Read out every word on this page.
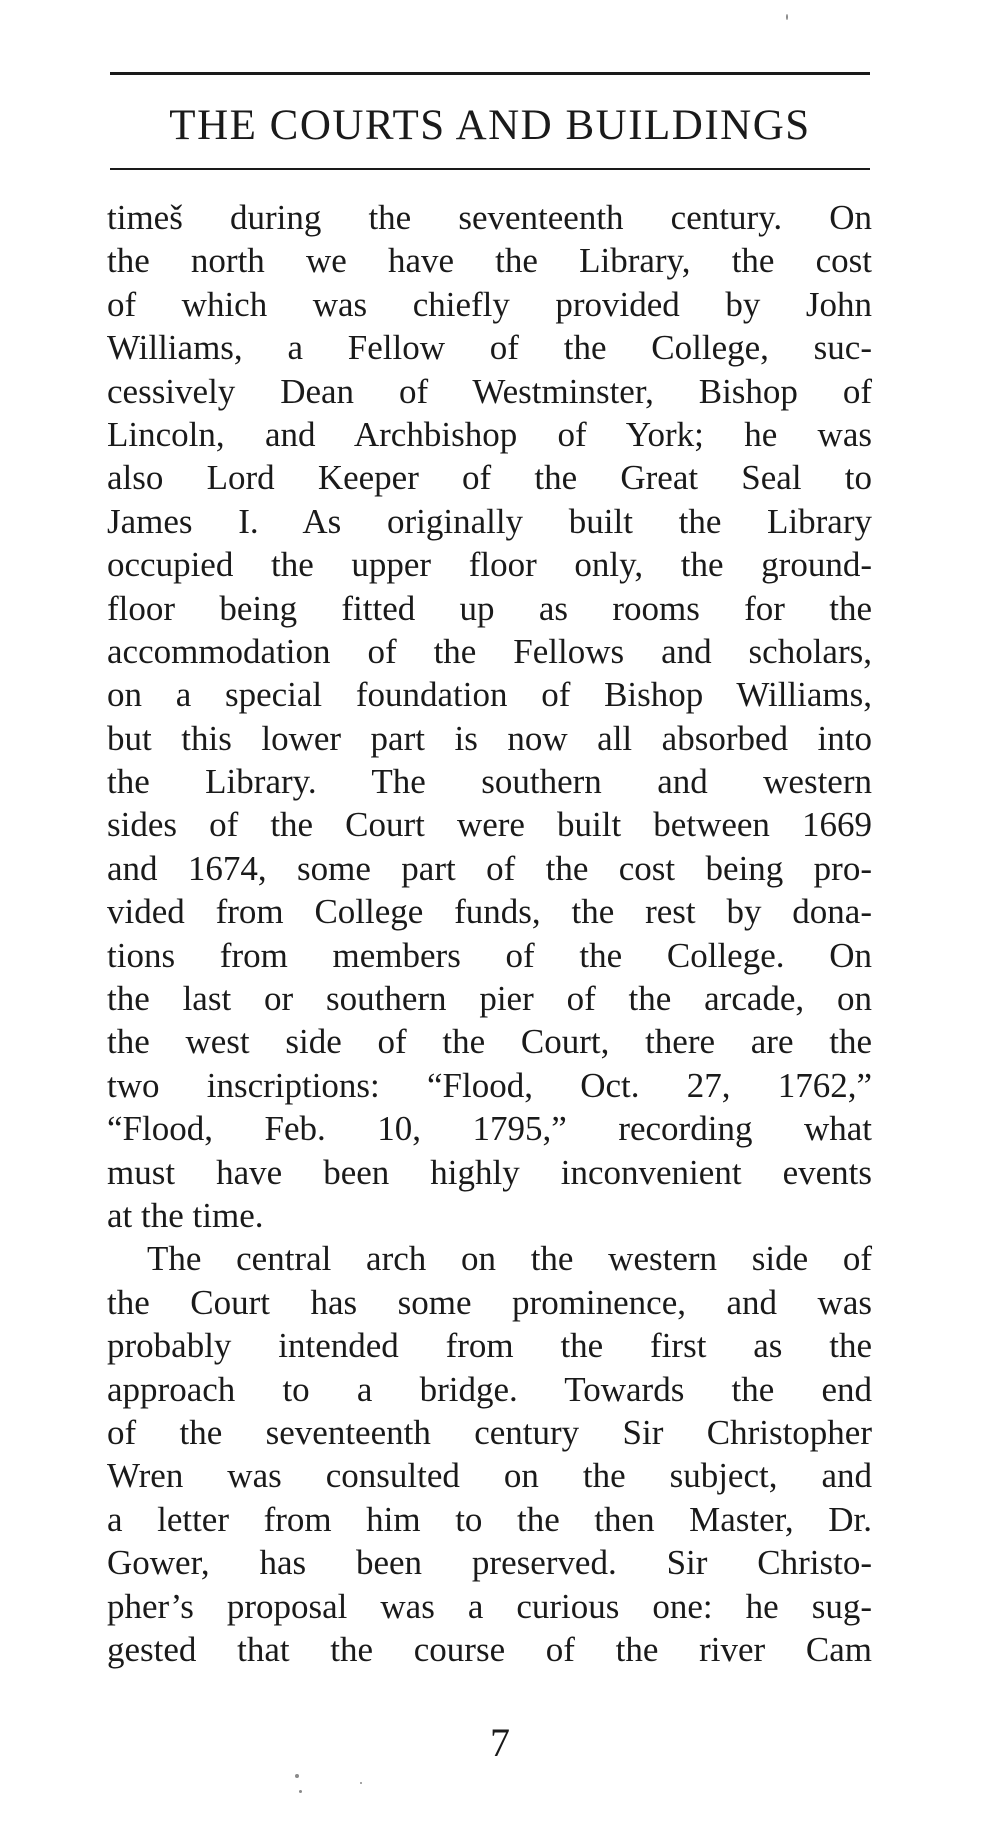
THE COURTS AND BUILDINGS
timeš during the seventeenth century. On
the north we have the Library, the cost
of which was chiefly provided by John
Williams, a Fellow of the College, suc-
cessively Dean of Westminster, Bishop of
Lincoln, and Archbishop of York; he was
also Lord Keeper of the Great Seal to
James I. As originally built the Library
occupied the upper floor only, the ground-
floor being fitted up as rooms for the
accommodation of the Fellows and scholars,
on a special foundation of Bishop Williams,
but this lower part is now all absorbed into
the Library. The southern and western
sides of the Court were built between 1669
and 1674, some part of the cost being pro-
vided from College funds, the rest by dona-
tions from members of the College. On
the last or southern pier of the arcade, on
the west side of the Court, there are the
two inscriptions: “Flood, Oct. 27, 1762,”
“Flood, Feb. 10, 1795,” recording what
must have been highly inconvenient events
at the time.
The central arch on the western side of
the Court has some prominence, and was
probably intended from the first as the
approach to a bridge. Towards the end
of the seventeenth century Sir Christopher
Wren was consulted on the subject, and
a letter from him to the then Master, Dr.
Gower, has been preserved. Sir Christo-
pher’s proposal was a curious one: he sug-
gested that the course of the river Cam
7
